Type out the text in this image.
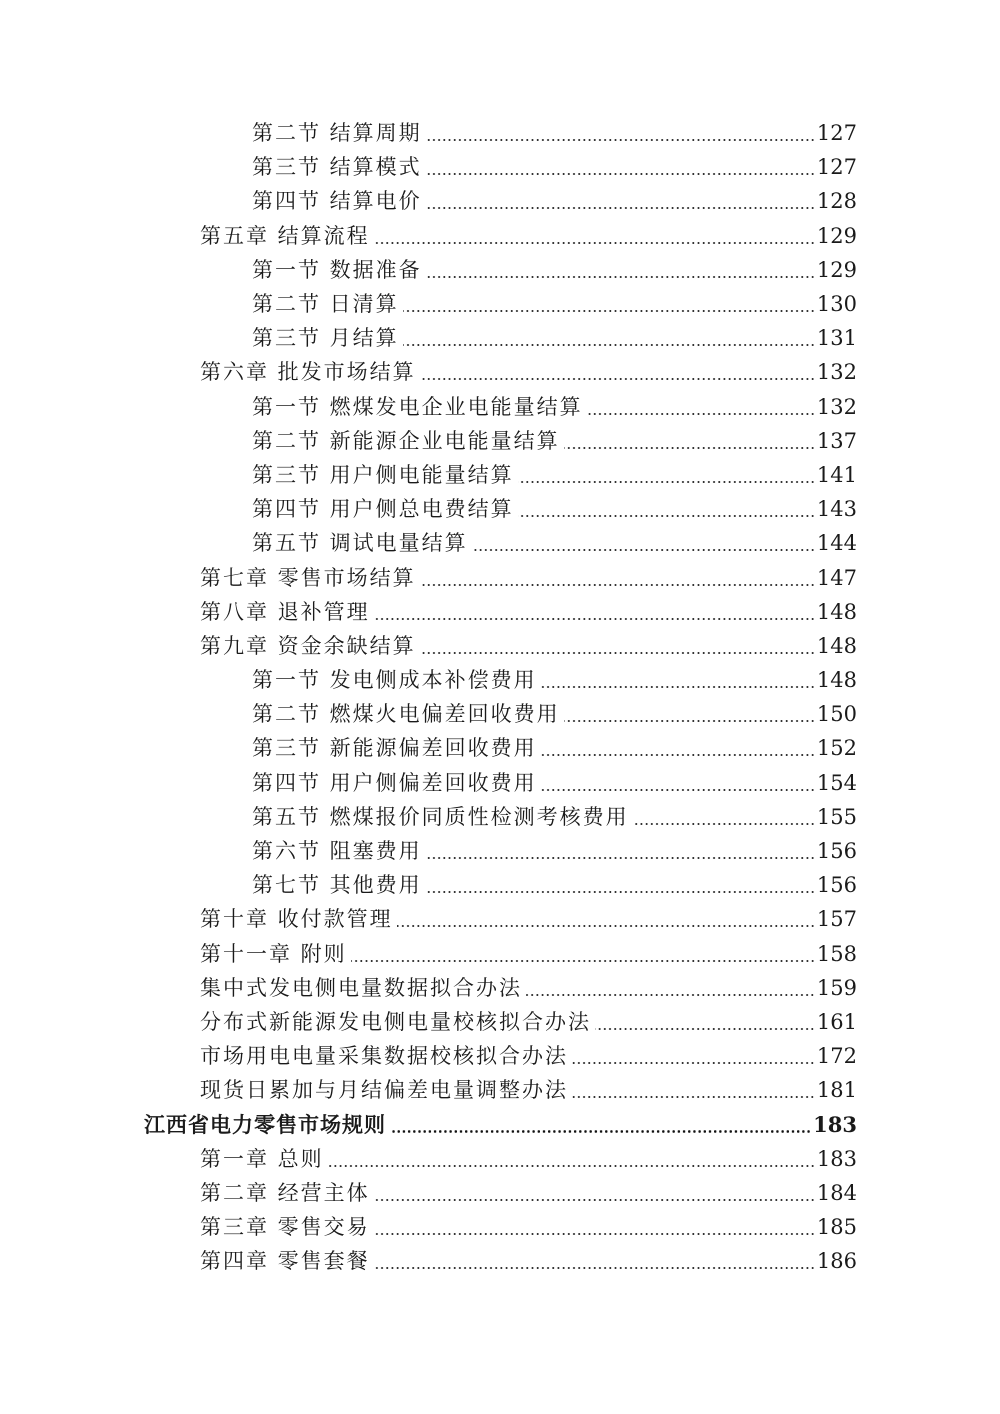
第二节 结算周期	127
第三节 结算模式	127
第四节 结算电价	128
第五章 结算流程	129
第一节 数据准备	129
第二节 日清算	130
第三节 月结算	131
第六章 批发市场结算	132
第一节 燃煤发电企业电能量结算	132
第二节 新能源企业电能量结算	137
第三节 用户侧电能量结算	141
第四节 用户侧总电费结算	143
第五节 调试电量结算	144
第七章 零售市场结算	147
第八章 退补管理	148
第九章 资金余缺结算	148
第一节 发电侧成本补偿费用	148
第二节 燃煤火电偏差回收费用	150
第三节 新能源偏差回收费用	152
第四节 用户侧偏差回收费用	154
第五节 燃煤报价同质性检测考核费用	155
第六节 阻塞费用	156
第七节 其他费用	156
第十章 收付款管理	157
第十一章 附则	158
集中式发电侧电量数据拟合办法	159
分布式新能源发电侧电量校核拟合办法	161
市场用电电量采集数据校核拟合办法	172
现货日累加与月结偏差电量调整办法	181
江西省电力零售市场规则	183
第一章 总则	183
第二章 经营主体	184
第三章 零售交易	185
第四章 零售套餐	186
